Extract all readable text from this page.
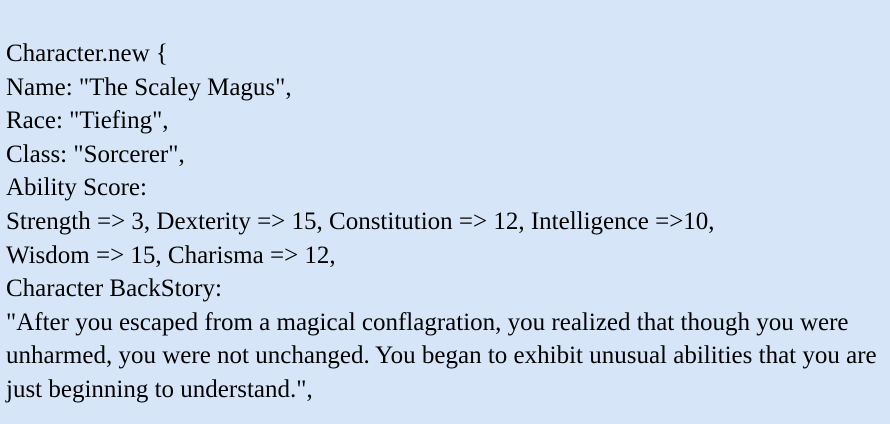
Character.new {
Name: "The Scaley Magus",
Race: "Tiefing",
Class: "Sorcerer",
Ability Score:
Strength => 3, Dexterity => 15, Constitution => 12, Intelligence =>10,
Wisdom => 15, Charisma => 12,
Character BackStory:
"After you escaped from a magical conflagration, you realized that though you were unharmed, you were not unchanged. You began to exhibit unusual abilities that you are just beginning to understand.",
